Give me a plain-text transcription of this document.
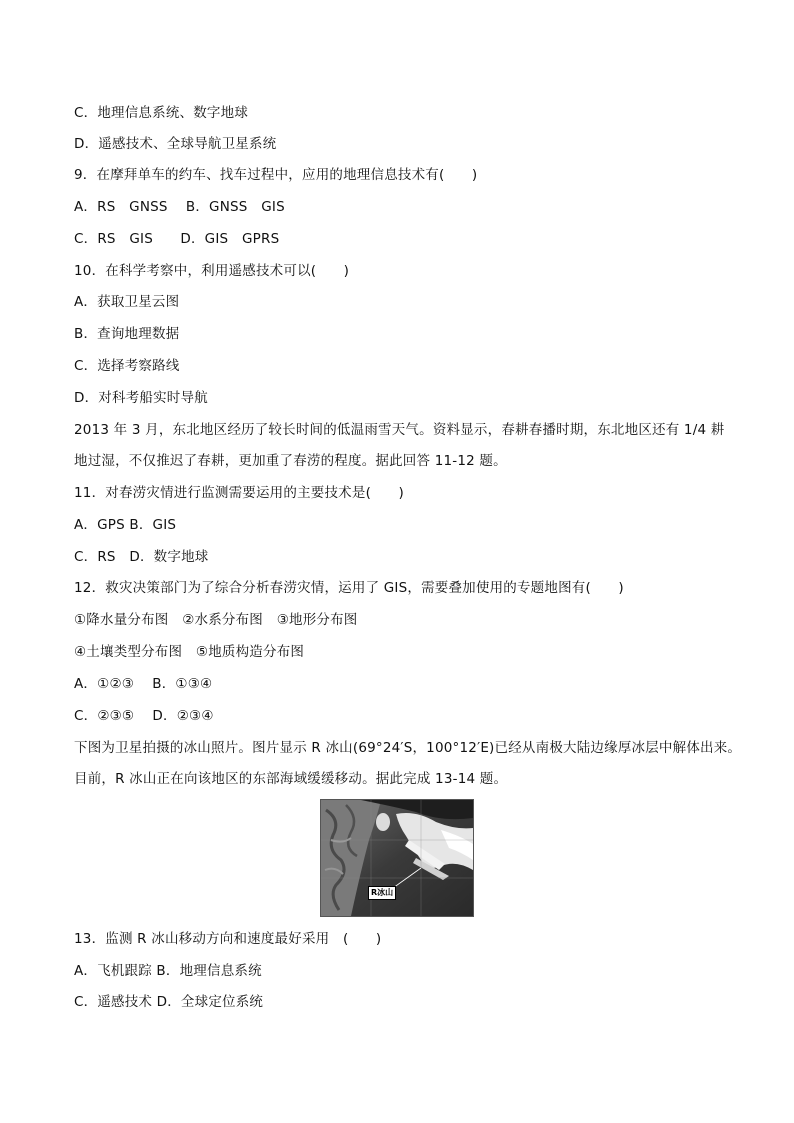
C．地理信息系统、数字地球
D．遥感技术、全球导航卫星系统
9．在摩拜单车的约车、找车过程中，应用的地理信息技术有(　　)
A．RS　GNSS　 B．GNSS　GIS
C．RS　GIS　　D．GIS　GPRS
10．在科学考察中，利用遥感技术可以(　　)
A．获取卫星云图
B．查询地理数据
C．选择考察路线
D．对科考船实时导航
2013 年 3 月，东北地区经历了较长时间的低温雨雪天气。资料显示，春耕春播时期，东北地区还有 1/4 耕
地过湿，不仅推迟了春耕，更加重了春涝的程度。据此回答 11-12 题。
11．对春涝灾情进行监测需要运用的主要技术是(　　)
A．GPS B．GIS
C．RS　D．数字地球
12．救灾决策部门为了综合分析春涝灾情，运用了 GIS，需要叠加使用的专题地图有(　　)
①降水量分布图　②水系分布图　③地形分布图
④土壤类型分布图　⑤地质构造分布图
A．①②③　 B．①③④
C．②③⑤　 D．②③④
下图为卫星拍摄的冰山照片。图片显示 R 冰山(69°24′S，100°12′E)已经从南极大陆边缘厚冰层中解体出来。
目前，R 冰山正在向该地区的东部海域缓缓移动。据此完成 13-14 题。
R冰山
13．监测 R 冰山移动方向和速度最好采用　(　　)
A．飞机跟踪 B．地理信息系统
C．遥感技术 D．全球定位系统
